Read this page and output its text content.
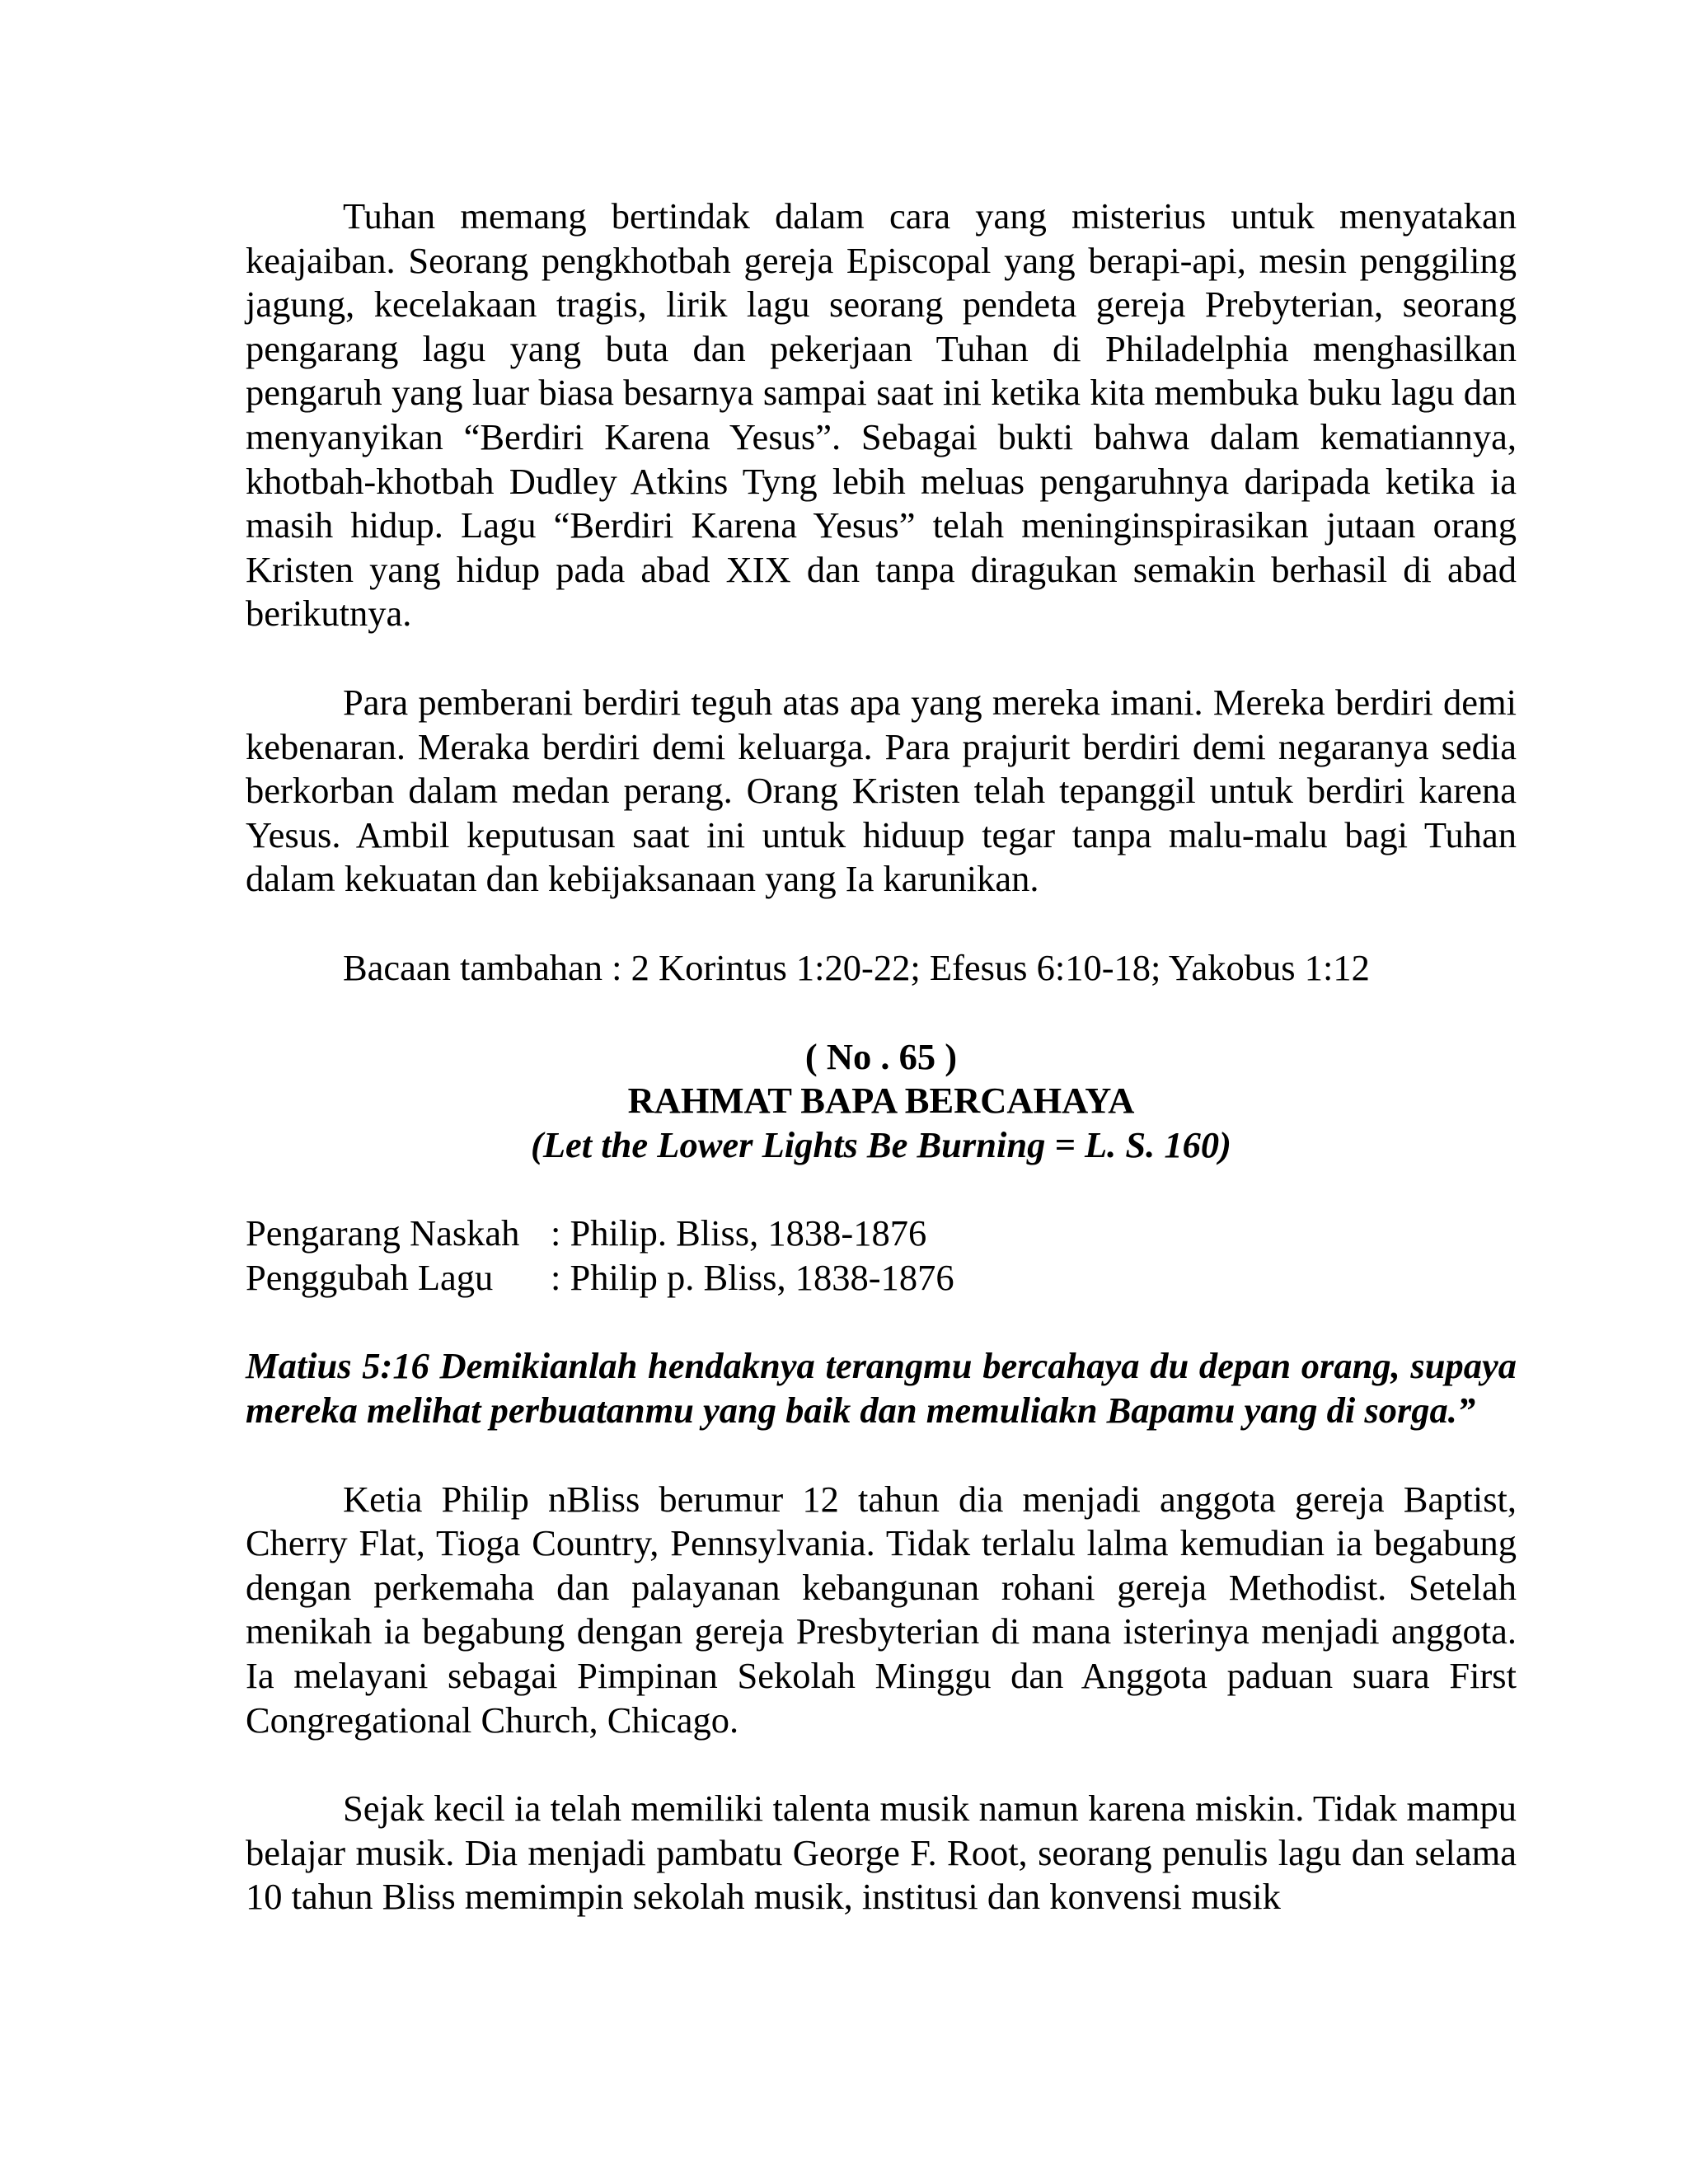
Tuhan memang bertindak dalam cara yang misterius untuk menyatakan keajaiban. Seorang pengkhotbah gereja Episcopal yang berapi-api, mesin penggiling jagung, kecelakaan tragis, lirik lagu seorang pendeta gereja Prebyterian, seorang pengarang lagu yang buta dan pekerjaan Tuhan di Philadelphia menghasilkan pengaruh yang luar biasa besarnya sampai saat ini ketika kita membuka buku lagu dan menyanyikan “Berdiri Karena Yesus”. Sebagai bukti bahwa dalam kematiannya, khotbah-khotbah Dudley Atkins Tyng lebih meluas pengaruhnya daripada ketika ia masih hidup. Lagu “Berdiri Karena Yesus” telah meninginspirasikan jutaan orang Kristen yang hidup pada abad XIX dan tanpa diragukan semakin berhasil di abad berikutnya.

Para pemberani berdiri teguh atas apa yang mereka imani. Mereka berdiri demi kebenaran. Meraka berdiri demi keluarga. Para prajurit berdiri demi negaranya sedia berkorban dalam medan perang. Orang Kristen telah tepanggil untuk berdiri karena Yesus. Ambil keputusan saat ini untuk hiduup tegar tanpa malu-malu bagi Tuhan dalam kekuatan dan kebijaksanaan yang Ia karunikan.

Bacaan tambahan : 2 Korintus 1:20-22; Efesus 6:10-18; Yakobus 1:12

( No . 65 )

RAHMAT BAPA BERCAHAYA

(Let the Lower Lights Be Burning = L. S. 160)

Pengarang Naskah : Philip. Bliss, 1838-1876
Penggubah Lagu	: Philip p. Bliss, 1838-1876

Matius 5:16 Demikianlah hendaknya terangmu bercahaya du depan orang, supaya mereka melihat perbuatanmu yang baik dan memuliakn Bapamu yang di sorga.”

Ketia Philip nBliss berumur 12 tahun dia menjadi anggota gereja Baptist, Cherry Flat, Tioga Country, Pennsylvania. Tidak terlalu lalma kemudian ia begabung dengan perkemaha dan palayanan kebangunan rohani gereja Methodist. Setelah menikah ia begabung dengan gereja Presbyterian di mana isterinya menjadi anggota. Ia melayani sebagai Pimpinan Sekolah Minggu dan Anggota paduan suara First Congregational Church, Chicago.

Sejak kecil ia telah memiliki talenta musik namun karena miskin. Tidak mampu belajar musik. Dia menjadi pambatu George F. Root, seorang penulis lagu dan selama 10 tahun Bliss memimpin sekolah musik, institusi dan konvensi musik
